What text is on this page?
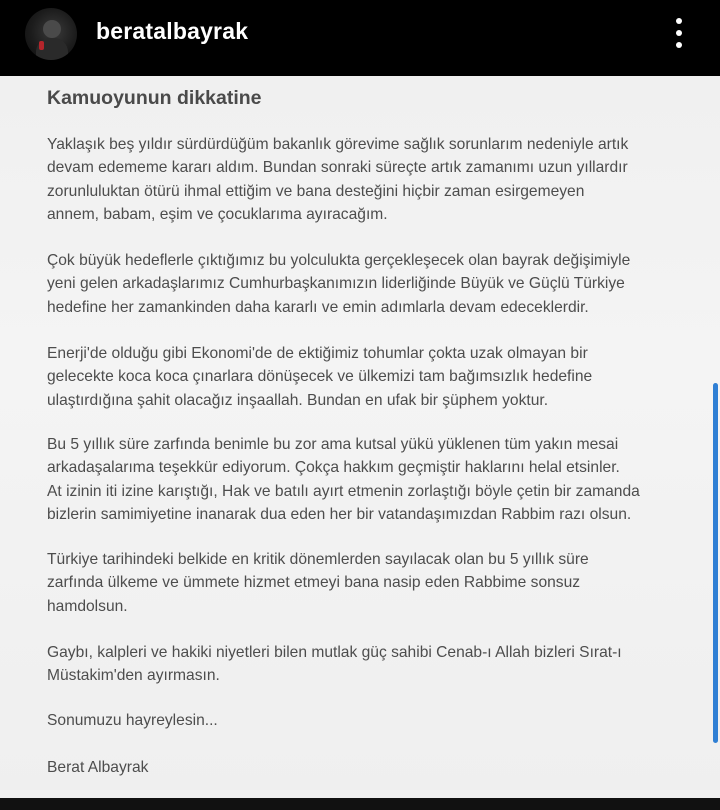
beratalbayrak
Kamuoyunun dikkatine
Yaklaşık beş yıldır sürdürdüğüm bakanlık görevime sağlık sorunlarım nedeniyle artık
devam edememe kararı aldım. Bundan sonraki süreçte artık zamanımı uzun yıllardır
zorunluluktan ötürü ihmal ettiğim ve bana desteğini hiçbir zaman esirgemeyen
annem, babam, eşim ve çocuklarıma ayıracağım.
Çok büyük hedeflerle çıktığımız bu yolculukta gerçekleşecek olan bayrak değişimiyle
yeni gelen arkadaşlarımız Cumhurbaşkanımızın liderliğinde Büyük ve Güçlü Türkiye
hedefine her zamankinden daha kararlı ve emin adımlarla devam edeceklerdir.
Enerji'de olduğu gibi Ekonomi'de de ektiğimiz tohumlar çokta uzak olmayan bir
gelecekte koca koca çınarlara dönüşecek ve ülkemizi tam bağımsızlık hedefine
ulaştırdığına şahit olacağız inşaallah. Bundan en ufak bir şüphem yoktur.
Bu 5 yıllık süre zarfında benimle bu zor ama kutsal yükü yüklenen tüm yakın mesai
arkadaşalarıma teşekkür ediyorum. Çokça hakkım geçmiştir haklarını helal etsinler.
At izinin iti izine karıştığı, Hak ve batılı ayırt etmenin zorlaştığı böyle çetin bir zamanda
bizlerin samimiyetine inanarak dua eden her bir vatandaşımızdan Rabbim razı olsun.
Türkiye tarihindeki belkide en kritik dönemlerden sayılacak olan bu 5 yıllık süre
zarfında ülkeme ve ümmete hizmet etmeyi bana nasip eden Rabbime sonsuz
hamdolsun.
Gaybı, kalpleri ve hakiki niyetleri bilen mutlak güç sahibi Cenab-ı Allah bizleri Sırat-ı
Müstakim'den ayırmasın.
Sonumuzu hayreylesin...
Berat Albayrak
